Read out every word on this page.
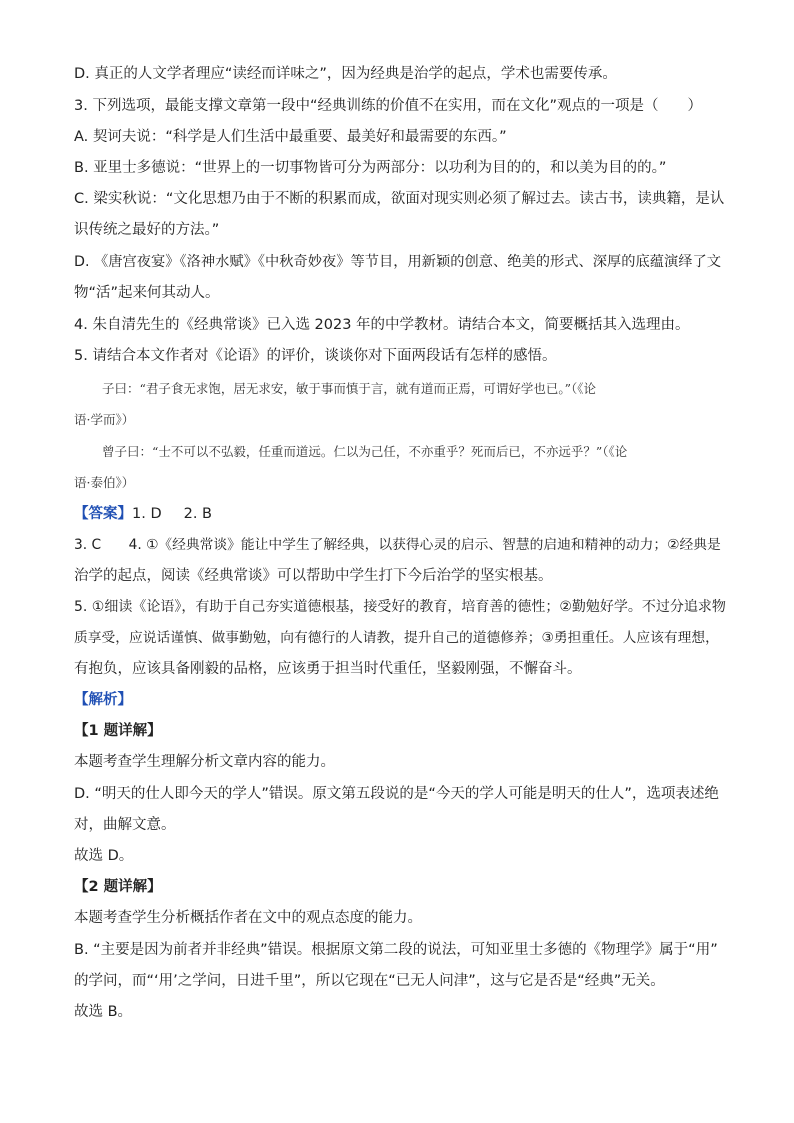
D. 真正的人文学者理应“读经而详味之”，因为经典是治学的起点，学术也需要传承。
3. 下列选项，最能支撑文章第一段中“经典训练的价值不在实用，而在文化”观点的一项是（　　）
A. 契诃夫说：“科学是人们生活中最重要、最美好和最需要的东西。”
B. 亚里士多德说：“世界上的一切事物皆可分为两部分：以功利为目的的，和以美为目的的。”
C. 梁实秋说：“文化思想乃由于不断的积累而成，欲面对现实则必须了解过去。读古书，读典籍，是认
识传统之最好的方法。”
D. 《唐宫夜宴》《洛神水赋》《中秋奇妙夜》等节目，用新颖的创意、绝美的形式、深厚的底蕴演绎了文
物“活”起来何其动人。
4. 朱自清先生的《经典常谈》已入选 2023 年的中学教材。请结合本文，简要概括其入选理由。
5. 请结合本文作者对《论语》的评价，谈谈你对下面两段话有怎样的感悟。
子曰：“君子食无求饱，居无求安，敏于事而慎于言，就有道而正焉，可谓好学也已。”（《论
语·学而》）
曾子曰：“士不可以不弘毅，任重而道远。仁以为己任，不亦重乎？死而后已，不亦远乎？”（《论
语·泰伯》）
【答案】1. D 2. B
3. C　　4. ①《经典常谈》能让中学生了解经典，以获得心灵的启示、智慧的启迪和精神的动力；②经典是
治学的起点，阅读《经典常谈》可以帮助中学生打下今后治学的坚实根基。
5. ①细读《论语》，有助于自己夯实道德根基，接受好的教育，培育善的德性；②勤勉好学。不过分追求物
质享受，应说话谨慎、做事勤勉，向有德行的人请教，提升自己的道德修养；③勇担重任。人应该有理想，
有抱负，应该具备刚毅的品格，应该勇于担当时代重任，坚毅刚强，不懈奋斗。
【解析】
【1 题详解】
本题考查学生理解分析文章内容的能力。
D. “明天的仕人即今天的学人”错误。原文第五段说的是“今天的学人可能是明天的仕人”，选项表述绝
对，曲解文意。
故选 D。
【2 题详解】
本题考查学生分析概括作者在文中的观点态度的能力。
B. “主要是因为前者并非经典”错误。根据原文第二段的说法，可知亚里士多德的《物理学》属于“用”
的学问，而“‘用’之学问，日进千里”，所以它现在“已无人问津”，这与它是否是“经典”无关。
故选 B。
